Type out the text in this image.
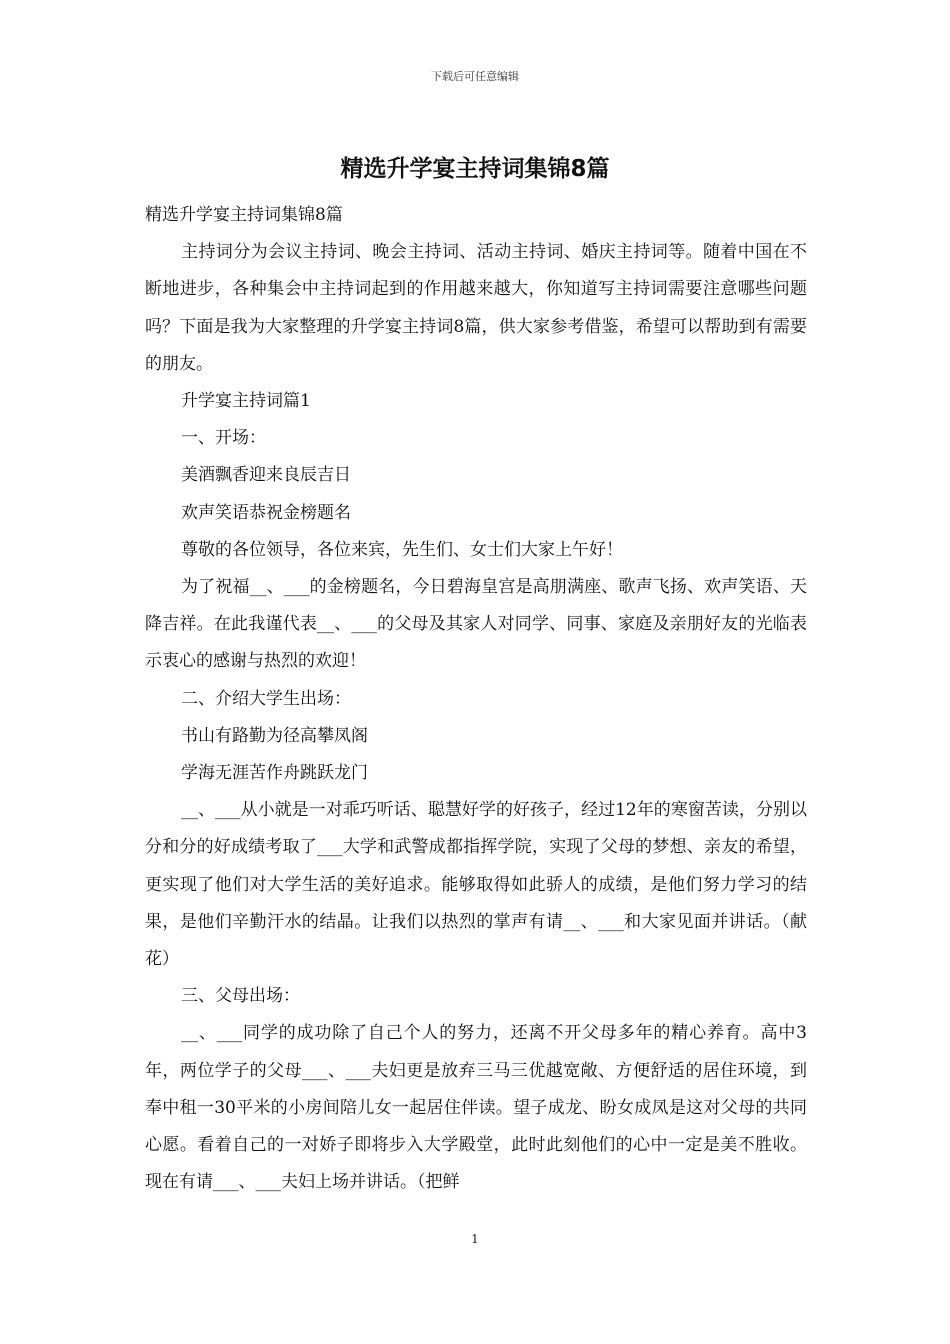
下载后可任意编辑
精选升学宴主持词集锦8篇

精选升学宴主持词集锦8篇

主持词分为会议主持词、晚会主持词、活动主持词、婚庆主持词等。随着中国在不断地进步，各种集会中主持词起到的作用越来越大，你知道写主持词需要注意哪些问题吗？下面是我为大家整理的升学宴主持词8篇，供大家参考借鉴，希望可以帮助到有需要的朋友。

升学宴主持词篇1

一、开场：

美酒飘香迎来良辰吉日

欢声笑语恭祝金榜题名

尊敬的各位领导，各位来宾，先生们、女士们大家上午好！

为了祝福__、___的金榜题名，今日碧海皇宫是高朋满座、歌声飞扬、欢声笑语、天降吉祥。在此我谨代表__、___的父母及其家人对同学、同事、家庭及亲朋好友的光临表示衷心的感谢与热烈的欢迎！

二、介绍大学生出场：

书山有路勤为径高攀凤阁

学海无涯苦作舟跳跃龙门

__、___从小就是一对乖巧听话、聪慧好学的好孩子，经过12年的寒窗苦读，分别以分和分的好成绩考取了___大学和武警成都指挥学院，实现了父母的梦想、亲友的希望，更实现了他们对大学生活的美好追求。能够取得如此骄人的成绩，是他们努力学习的结果，是他们辛勤汗水的结晶。让我们以热烈的掌声有请__、___和大家见面并讲话。（献花）

三、父母出场：

__、___同学的成功除了自己个人的努力，还离不开父母多年的精心养育。高中3年，两位学子的父母___、___夫妇更是放弃三马三优越宽敞、方便舒适的居住环境，到奉中租一30平米的小房间陪儿女一起居住伴读。望子成龙、盼女成凤是这对父母的共同心愿。看着自己的一对娇子即将步入大学殿堂，此时此刻他们的心中一定是美不胜收。现在有请___、___夫妇上场并讲话。（把鲜

1
